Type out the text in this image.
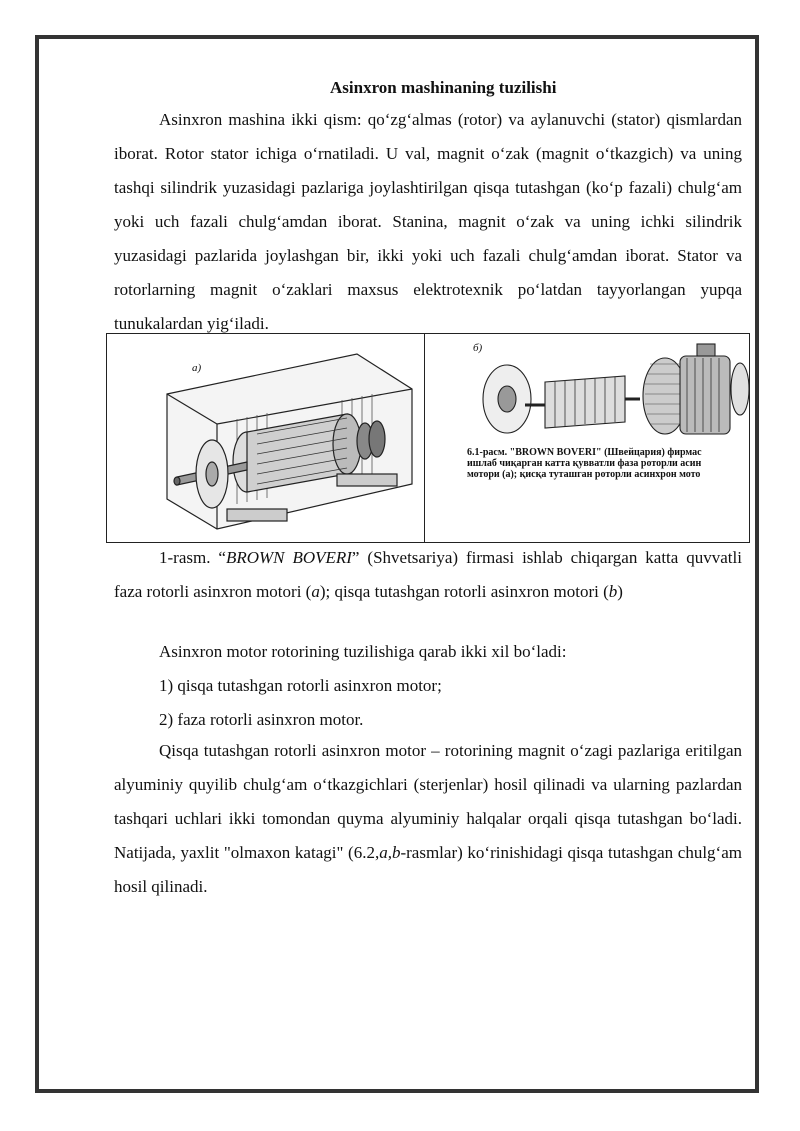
Asinxron mashinaning tuzilishi

Asinxron mashina ikki qism: qo‘zg‘almas (rotor) va aylanuvchi (stator) qismlardan iborat. Rotor stator ichiga o‘rnatiladi. U val, magnit o‘zak (magnit o‘tkazgich) va uning tashqi silindrik yuzasidagi pazlariga joylashtirilgan qisqa tutashgan (ko‘p fazali) chulg‘am yoki uch fazali chulg‘amdan iborat. Stanina, magnit o‘zak va uning ichki silindrik yuzasidagi pazlarida joylashgan bir, ikki yoki uch fazali chulg‘amdan iborat. Stator va rotorlarning magnit o‘zaklari maxsus elektrotexnik po‘latdan tayyorlangan yupqa tunukalardan yig‘iladi.

а)
б)
6.1-рacм. "BROWN BOVERI" (Швейцария) фирмас
ишлаб чиқарган катта қувватли фаза роторли асин
мотори (а); қисқа туташган роторли асинхрон мото

1-rasm. “BROWN BOVERI” (Shvetsariya) firmasi ishlab chiqargan katta quvvatli faza rotorli asinxron motori (a); qisqa tutashgan rotorli asinxron motori (b)

Asinxron motor rotorining tuzilishiga qarab ikki xil bo‘ladi:
1) qisqa tutashgan rotorli asinxron motor;
2) faza rotorli asinxron motor.

Qisqa tutashgan rotorli asinxron motor – rotorining magnit o‘zagi pazlariga eritilgan alyuminiy quyilib chulg‘am o‘tkazgichlari (sterjenlar) hosil qilinadi va ularning pazlardan tashqari uchlari ikki tomondan quyma alyuminiy halqalar orqali qisqa tutashgan bo‘ladi. Natijada, yaxlit "olmaxon katagi" (6.2,a,b-rasmlar) ko‘rinishidagi qisqa tutashgan chulg‘am hosil qilinadi.
